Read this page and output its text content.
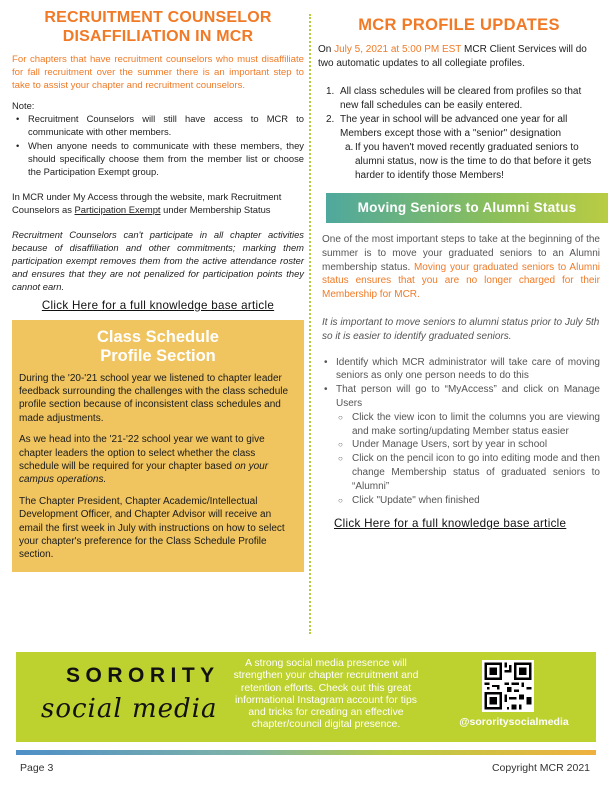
RECRUITMENT COUNSELOR
DISAFFILIATION IN MCR

For chapters that have recruitment counselors who must disaffiliate for fall recruitment over the summer there is an important step to take to assist your chapter and recruitment counselors.

Note:

• Recruitment Counselors will still have access to MCR to communicate with other members.
• When anyone needs to communicate with these members, they should specifically choose them from the member list or choose the Participation Exempt group.

In MCR under My Access through the website, mark Recruitment Counselors as Participation Exempt under Membership Status

Recruitment Counselors can't participate in all chapter activities because of disaffiliation and other commitments; marking them participation exempt removes them from the active attendance roster and ensures that they are not penalized for participation points they cannot earn.

Click Here for a full knowledge base article
Class Schedule
Profile Section

During the '20-'21 school year we listened to chapter leader feedback surrounding the challenges with the class schedule profile section because of inconsistent class schedules and made adjustments.

As we head into the '21-'22 school year we want to give chapter leaders the option to select whether the class schedule will be required for your chapter based on your campus operations.

The Chapter President, Chapter Academic/Intellectual Development Officer, and Chapter Advisor will receive an email the first week in July with instructions on how to select your chapter's preference for the Class Schedule Profile section.

MCR PROFILE UPDATES

On July 5, 2021 at 5:00 PM EST MCR Client Services will do two automatic updates to all collegiate profiles.

1. All class schedules will be cleared from profiles so that new fall schedules can be easily entered.
2. The year in school will be advanced one year for all Members except those with a "senior" designation
a. If you haven't moved recently graduated seniors to alumni status, now is the time to do that before it gets harder to identify those Members!
Moving Seniors to Alumni Status

One of the most important steps to take at the beginning of the summer is to move your graduated seniors to an Alumni membership status. Moving your graduated seniors to Alumni status ensures that you are no longer charged for their Membership for MCR.

It is important to move seniors to alumni status prior to July 5th so it is easier to identify graduated seniors.

• Identify which MCR administrator will take care of moving seniors as only one person needs to do this
• That person will go to “MyAccess” and click on Manage Users
○ Click the view icon to limit the columns you are viewing and make sorting/updating Member status easier
○ Under Manage Users, sort by year in school
○ Click on the pencil icon to go into editing mode and then change Membership status of graduated seniors to “Alumni”
○ Click "Update" when finished
Click Here for a full knowledge base article
SORORITY
social media
A strong social media presence will strengthen your chapter recruitment and retention efforts. Check out this great informational Instagram account for tips and tricks for creating an effective chapter/council digital presence.	@sororitysocialmedia
Page 3	Copyright MCR 2021
